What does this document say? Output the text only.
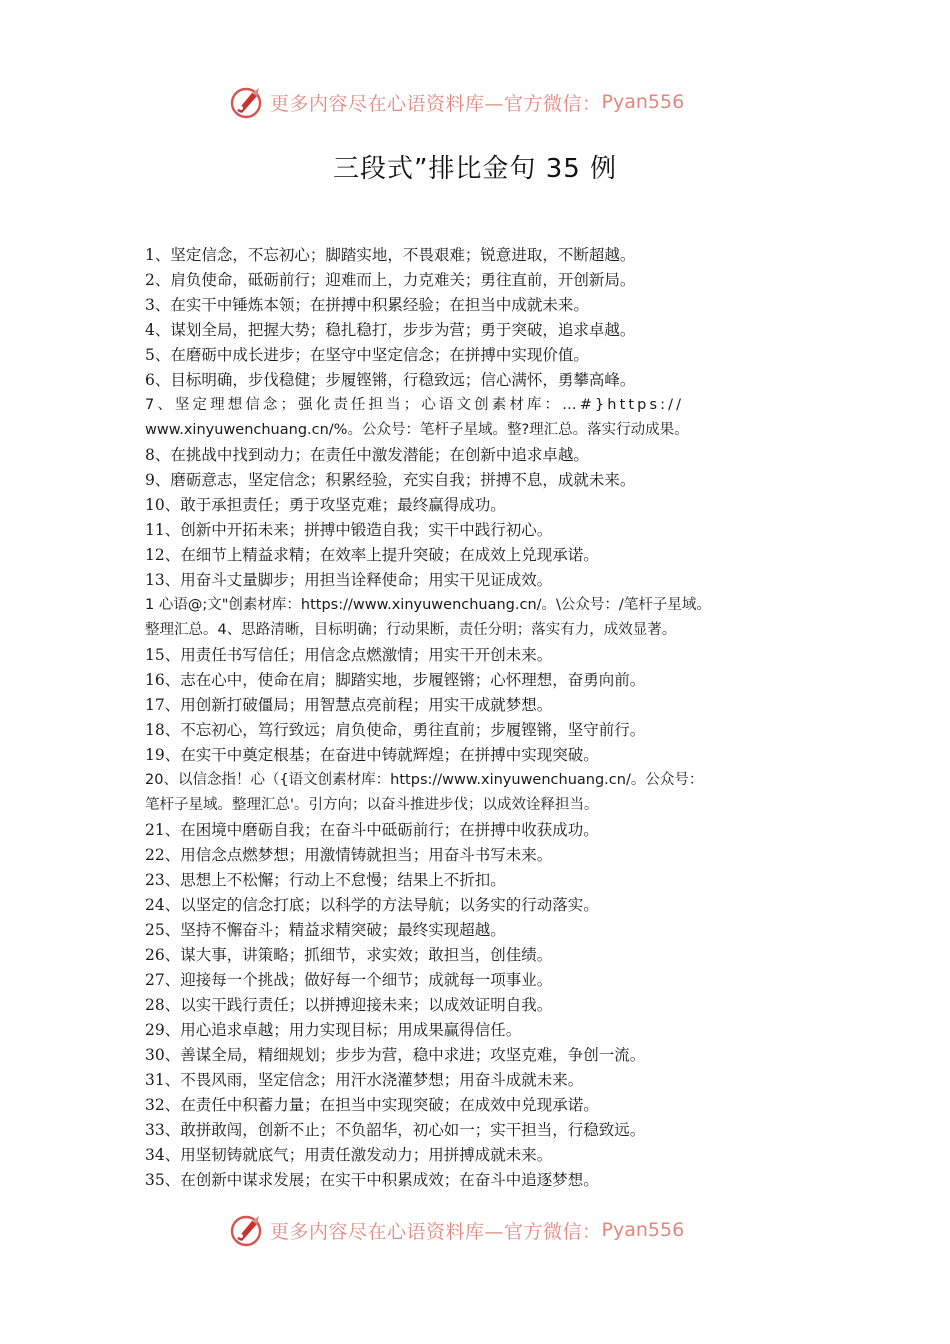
更多内容尽在心语资料库—官方微信： Pyan556
三段式”排比金句 35 例
1、坚定信念，不忘初心；脚踏实地，不畏艰难；锐意进取，不断超越。
2、肩负使命，砥砺前行；迎难而上，力克难关；勇往直前，开创新局。
3、在实干中锤炼本领；在拼搏中积累经验；在担当中成就未来。
4、谋划全局，把握大势；稳扎稳打，步步为营；勇于突破，追求卓越。
5、在磨砺中成长进步；在坚守中坚定信念；在拼搏中实现价值。
6、目标明确，步伐稳健；步履铿锵，行稳致远；信心满怀，勇攀高峰。
7、坚定理想信念；强化责任担当；心语文创素材库：…#}https://
www.xinyuwenchuang.cn/%。公众号：笔杆子星域。整?理汇总。落实行动成果。
8、在挑战中找到动力；在责任中激发潜能；在创新中追求卓越。
9、磨砺意志，坚定信念；积累经验，充实自我；拼搏不息，成就未来。
10、敢于承担责任；勇于攻坚克难；最终赢得成功。
11、创新中开拓未来；拼搏中锻造自我；实干中践行初心。
12、在细节上精益求精；在效率上提升突破；在成效上兑现承诺。
13、用奋斗丈量脚步；用担当诠释使命；用实干见证成效。
1 心语@;文"创素材库：https://www.xinyuwenchuang.cn/。\公众号：/笔杆子星域。
整理汇总。4、思路清晰，目标明确；行动果断，责任分明；落实有力，成效显著。
15、用责任书写信任；用信念点燃激情；用实干开创未来。
16、志在心中，使命在肩；脚踏实地，步履铿锵；心怀理想，奋勇向前。
17、用创新打破僵局；用智慧点亮前程；用实干成就梦想。
18、不忘初心，笃行致远；肩负使命，勇往直前；步履铿锵，坚守前行。
19、在实干中奠定根基；在奋进中铸就辉煌；在拼搏中实现突破。
20、以信念指！心（{语文创素材库：https://www.xinyuwenchuang.cn/。公众号：
笔杆子星域。整理汇总'。引方向；以奋斗推进步伐；以成效诠释担当。
21、在困境中磨砺自我；在奋斗中砥砺前行；在拼搏中收获成功。
22、用信念点燃梦想；用激情铸就担当；用奋斗书写未来。
23、思想上不松懈；行动上不怠慢；结果上不折扣。
24、以坚定的信念打底；以科学的方法导航；以务实的行动落实。
25、坚持不懈奋斗；精益求精突破；最终实现超越。
26、谋大事，讲策略；抓细节，求实效；敢担当，创佳绩。
27、迎接每一个挑战；做好每一个细节；成就每一项事业。
28、以实干践行责任；以拼搏迎接未来；以成效证明自我。
29、用心追求卓越；用力实现目标；用成果赢得信任。
30、善谋全局，精细规划；步步为营，稳中求进；攻坚克难，争创一流。
31、不畏风雨，坚定信念；用汗水浇灌梦想；用奋斗成就未来。
32、在责任中积蓄力量；在担当中实现突破；在成效中兑现承诺。
33、敢拼敢闯，创新不止；不负韶华，初心如一；实干担当，行稳致远。
34、用坚韧铸就底气；用责任激发动力；用拼搏成就未来。
35、在创新中谋求发展；在实干中积累成效；在奋斗中追逐梦想。
更多内容尽在心语资料库—官方微信： Pyan556
